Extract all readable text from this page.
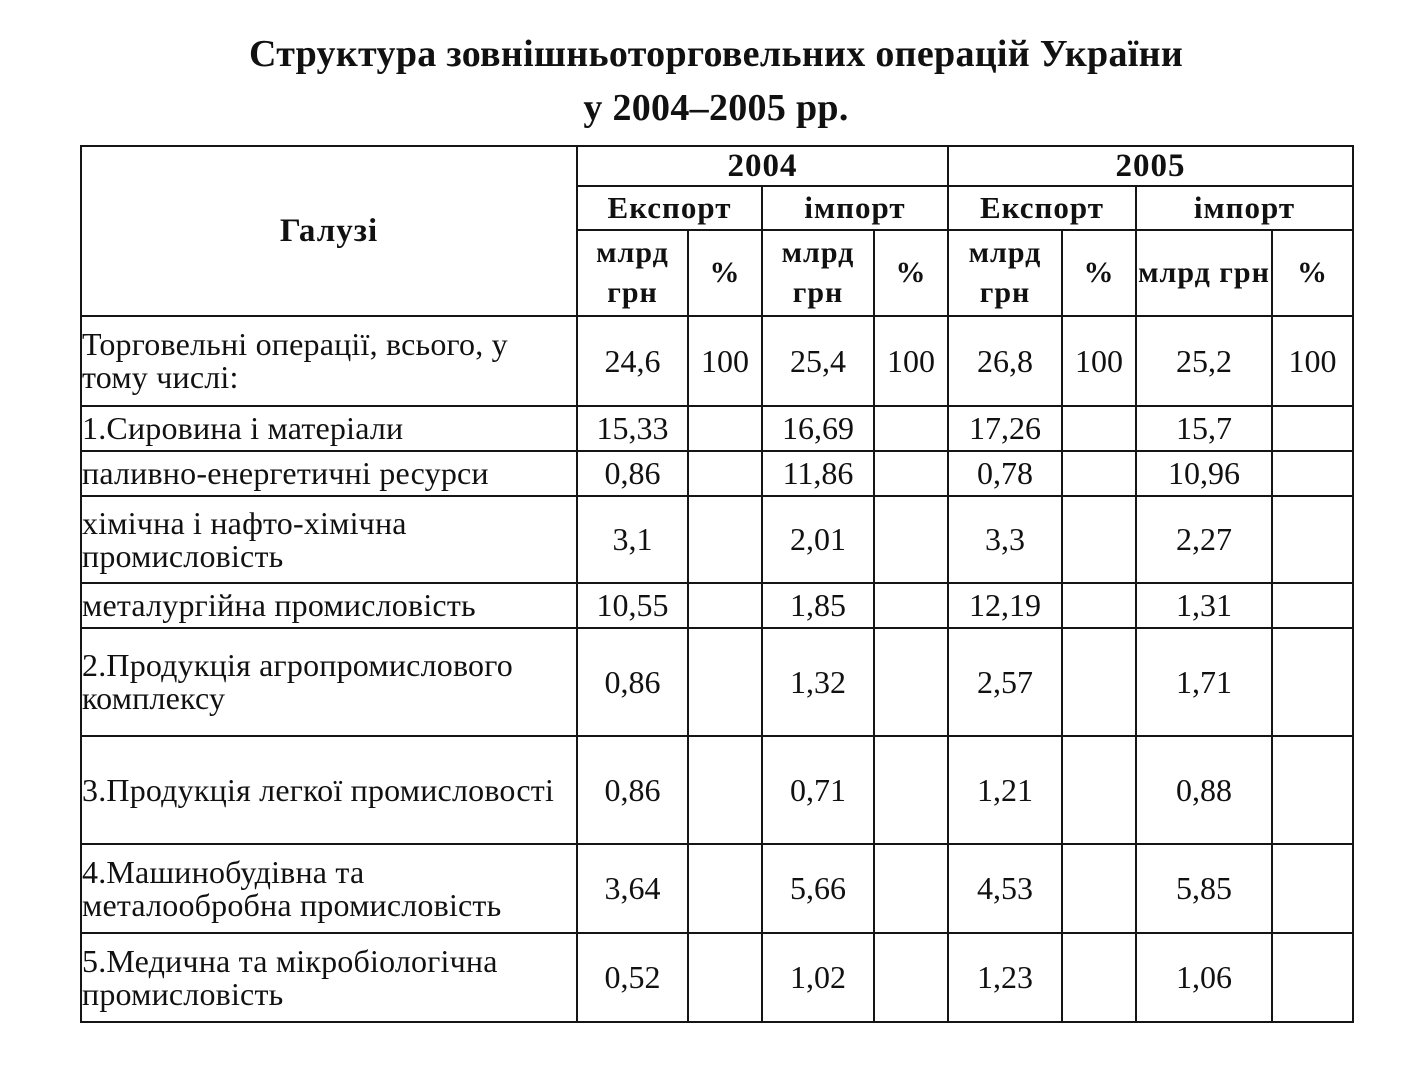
Структура зовнішньоторговельних операцій України
у 2004–2005 рр.
Галузі	2004				2005			
	Експорт		імпорт		Експорт		імпорт	
	млрд грн	%	млрд грн	%	млрд грн	%	млрд грн	%
Торговельні операції, всього, у тому числі:	24,6	100	25,4	100	26,8	100	25,2	100
1.Сировина і матеріали	15,33		16,69		17,26		15,7	
паливно-енергетичні ресурси	0,86		11,86		0,78		10,96	
хімічна і нафто-хімічна промисловість	3,1		2,01		3,3		2,27	
металургійна промисловість	10,55		1,85		12,19		1,31	
2.Продукція агропромислового комплексу	0,86		1,32		2,57		1,71	
3.Продукція легкої промисловості	0,86		0,71		1,21		0,88	
4.Машинобудівна та металообробна промисловість	3,64		5,66		4,53		5,85	
5.Медична та мікробіологічна промисловість	0,52		1,02		1,23		1,06	
